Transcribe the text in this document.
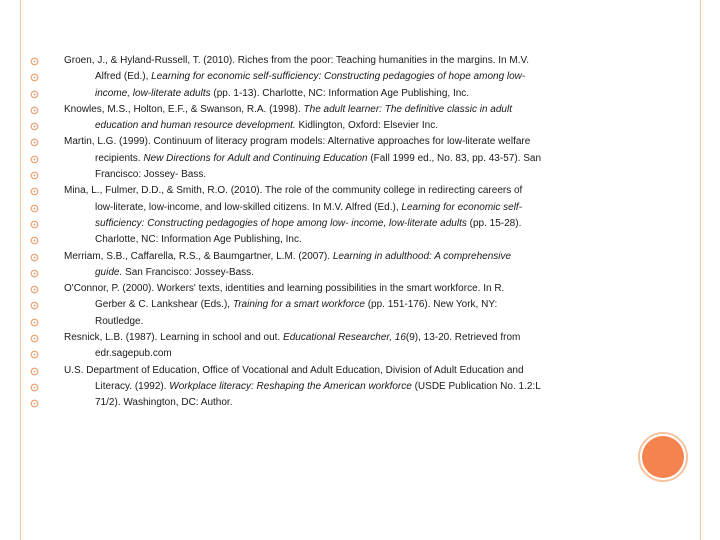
Groen, J., & Hyland-Russell, T. (2010). Riches from the poor: Teaching humanities in the margins. In M.V.
Alfred (Ed.), Learning for economic self-sufficiency: Constructing pedagogies of hope among low-
income, low-literate adults (pp. 1-13). Charlotte, NC: Information Age Publishing, Inc.
Knowles, M.S., Holton, E.F., & Swanson, R.A. (1998). The adult learner: The definitive classic in adult
education and human resource development. Kidlington, Oxford: Elsevier Inc.
Martin, L.G. (1999). Continuum of literacy program models: Alternative approaches for low-literate welfare
recipients. New Directions for Adult and Continuing Education (Fall 1999 ed., No. 83, pp. 43-57). San
Francisco: Jossey- Bass.
Mina, L., Fulmer, D.D., & Smith, R.O. (2010). The role of the community college in redirecting careers of
low-literate, low-income, and low-skilled citizens. In M.V. Alfred (Ed.), Learning for economic self-
sufficiency: Constructing pedagogies of hope among low- income, low-literate adults (pp. 15-28).
Charlotte, NC: Information Age Publishing, Inc.
Merriam, S.B., Caffarella, R.S., & Baumgartner, L.M. (2007). Learning in adulthood: A comprehensive
guide. San Francisco: Jossey-Bass.
O'Connor, P. (2000). Workers' texts, identities and learning possibilities in the smart workforce. In R.
Gerber & C. Lankshear (Eds.), Training for a smart workforce (pp. 151-176). New York, NY:
Routledge.
Resnick, L.B. (1987). Learning in school and out. Educational Researcher, 16(9), 13-20. Retrieved from
edr.sagepub.com
U.S. Department of Education, Office of Vocational and Adult Education, Division of Adult Education and
Literacy. (1992). Workplace literacy: Reshaping the American workforce (USDE Publication No. 1.2:L
71/2). Washington, DC: Author.
